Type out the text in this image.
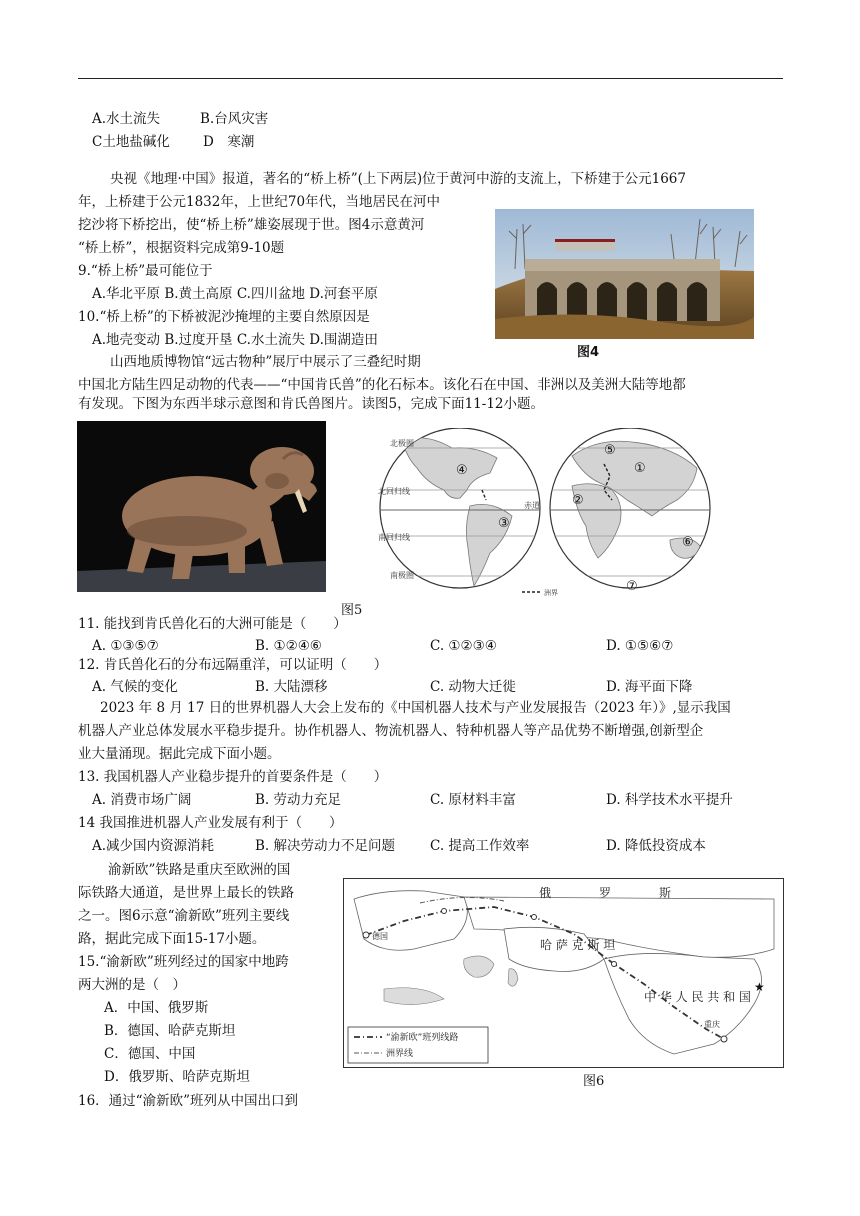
A.水土流失	B.台风灾害
C土地盐碱化 D　寒潮
央视《地理·中国》报道，著名的“桥上桥”(上下两层)位于黄河中游的支流上，下桥建于公元1667
年，上桥建于公元1832年，上世纪70年代，当地居民在河中
挖沙将下桥挖出，使“桥上桥”雄姿展现于世。图4示意黄河
“桥上桥”，根据资料完成第9-10题
9.“桥上桥”最可能位于
A.华北平原 B.黄土高原 C.四川盆地 D.河套平原
10.“桥上桥”的下桥被泥沙掩埋的主要自然原因是
A.地壳变动 B.过度开垦 C.水土流失 D.围湖造田
图4
山西地质博物馆“远古物种”展厅中展示了三叠纪时期
中国北方陆生四足动物的代表——“中国肯氏兽”的化石标本。该化石在中国、非洲以及美洲大陆等地都
有发现。下图为东西半球示意图和肯氏兽图片。读图5，完成下面11-12小题。
北极圈
北回归线
赤道
南回归线
南极圈
④
③
⑤
①
②
⑥
⑦
洲界
图5
11. 能找到肯氏兽化石的大洲可能是（　　）
A. ①③⑤⑦	B. ①②④⑥	C. ①②③④	D. ①⑤⑥⑦
12. 肯氏兽化石的分布远隔重洋，可以证明（　　）
A. 气候的变化	B. 大陆漂移	C. 动物大迁徙	D. 海平面下降
2023 年 8 月 17 日的世界机器人大会上发布的《中国机器人技术与产业发展报告（2023 年）》,显示我国
机器人产业总体发展水平稳步提升。协作机器人、物流机器人、特种机器人等产品优势不断增强,创新型企
业大量涌现。据此完成下面小题。
13. 我国机器人产业稳步提升的首要条件是（　　）
A. 消费市场广阔	B. 劳动力充足	C. 原材料丰富	D. 科学技术水平提升
14 我国推进机器人产业发展有利于（　　）
A.减少国内资源消耗	B. 解决劳动力不足问题	C. 提高工作效率	D. 降低投资成本
渝新欧”铁路是重庆至欧洲的国
际铁路大通道，是世界上最长的铁路
之一。图6示意“渝新欧”班列主要线
路，据此完成下面15-17小题。
15.“渝新欧”班列经过的国家中地跨
两大洲的是（　）
A．中国、俄罗斯
B．德国、哈萨克斯坦
C．德国、中国
D．俄罗斯、哈萨克斯坦
16．通过“渝新欧”班列从中国出口到
俄　　　　罗　　　　斯
哈 萨 克 斯 坦
中 华 人 民 共 和 国
德国
重庆
★
“渝新欧”班列线路
洲界线
图6
